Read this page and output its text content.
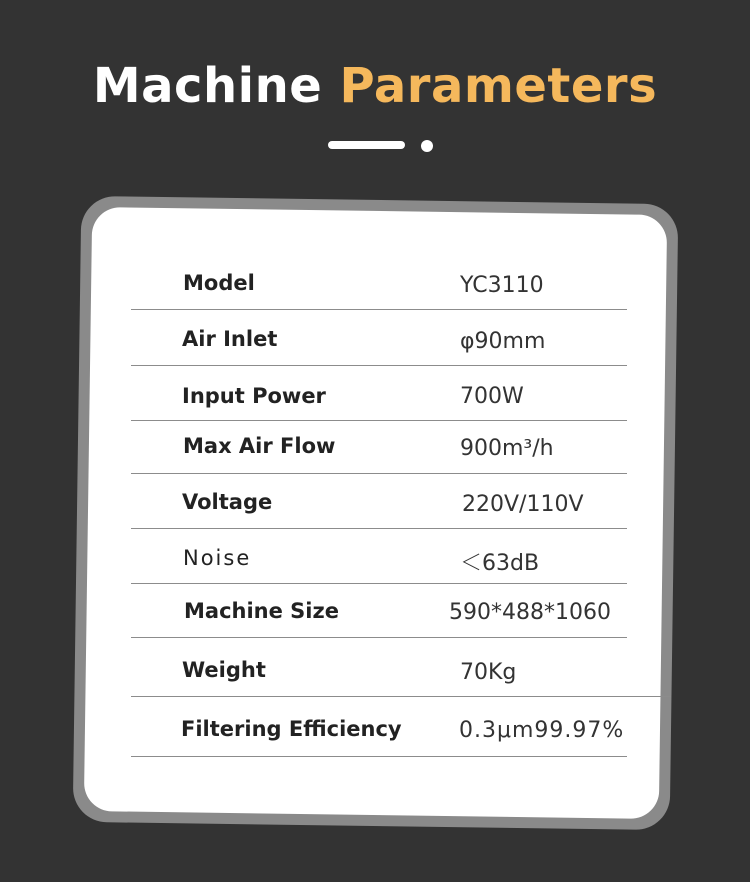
Machine Parameters
Model	YC3110
Air Inlet	φ90mm
Input Power	700W
Max Air Flow	900m³/h
Voltage	220V/110V
Noise	＜63dB
Machine Size	590*488*1060
Weight	70Kg
Filtering Efficiency	0.3μm99.97%
